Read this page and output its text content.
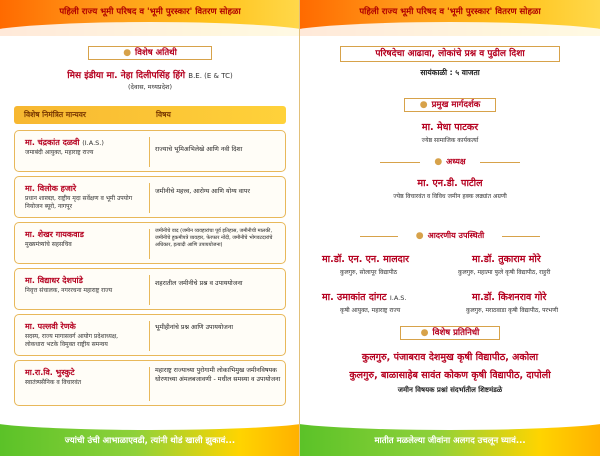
पहिली राज्य भूमी परिषद व 'भूमी पुरस्कार' वितरण सोहळा
● विशेष अतिथी
मिस इंडीया मा. नेहा दिलीपसिंह हिंगे B.E. (E & TC)
(देवास, मध्यप्रदेश)
विशेष निमंत्रित मान्यवर	विषय
मा. चंद्रकांत दळवी (I.A.S.)
जमाबंदी आयुक्त, महाराष्ट्र राज्य	राज्याचे भूमिअभिलेखे आणि नवी दिशा
मा. विलोक हजारे
प्रधान शास्त्रज्ञ, राष्ट्रीय मृदा सर्वेक्षण व भूमी उपयोग नियोजन ब्यूरो, नागपूर
जमीनीचे महत्त्व, आरोग्य आणि योग्य वापर
मा. शेखर गायकवाड
मुख्यमंत्र्यांचे सहसचिव
जमीनीचे वाद (जमीन व्यवहारांचा पूर्व इतिहास, जमीनीची मालकी, जमीनीचे हुकमीपत्रे व्यवहार, फेरफार नोंदी, जमीनीचे भोगवटदारांचे अधिकार, इत्यादी आणि उपाययोजना)
मा. विद्याधर देशपांडे
निवृत्त संचालक, नगररचना महाराष्ट्र राज्य
शहरातील जमीनीचे प्रश्न व उपाययोजना
मा. पल्लवी रेणके
सदस्य, राज्य मागासवर्ग आयोग प्रदेशाध्यक्ष, लोकधारा भटके विमुक्त राष्ट्रीय समन्वय
भूमीहीनांचे प्रश्न आणि उपाययोजना
मा.रा.वि. भुस्कुटे
स्वातंत्र्यसैनिक व विचारवंत
महाराष्ट्र राज्याच्या पुरोगामी लोकाभिमुख जमीनविषयक धोरणाच्या अंमलबजावणी - मधील समस्या व उपायोजना
ज्यांची उंची आभाळाएवढी, त्यांनी थोडं खाली झुकावं...
पहिली राज्य भूमी परिषद व 'भूमी पुरस्कार' वितरण सोहळा
परिषदेचा आढावा, लोकांचे प्रश्न व पुढील दिशा
सायंकाळी : ५ वाजता
● प्रमुख मार्गदर्शक
मा. मेधा पाटकर
ज्येष्ठ सामाजिक कार्यकर्त्या
● अध्यक्ष
मा. एन.डी. पाटील
ज्येष्ठ विचारवंत व विविध जमीन हक्क लढ्यांत अग्रणी
● आदरणीय उपस्थिती
मा.डॉ. एन. एन. मालदार
कुलगुरु, सोलापूर विद्यापीठ
मा.डॉ. तुकाराम मोरे
कुलगुरु, महात्मा फुले कृषी विद्यापीठ, राहुरी
मा. उमाकांत दांगट I.A.S.
कृषी आयुक्त, महाराष्ट्र राज्य
मा.डॉ. किशनराव गोरे
कुलगुरु, मराठवाडा कृषी विद्यापीठ, परभणी
● विशेष प्रतिनिधी
कुलगुरु, पंजाबराव देशमुख कृषी विद्यापीठ, अकोला
कुलगुरु, बाळासाहेब सावंत कोकण कृषी विद्यापीठ, दापोली
जमीन विषयक प्रश्नां संदर्भातील शिष्टमंडळे
मातीत मळलेल्या जीवांना अलगद उचलून घ्यावं...
